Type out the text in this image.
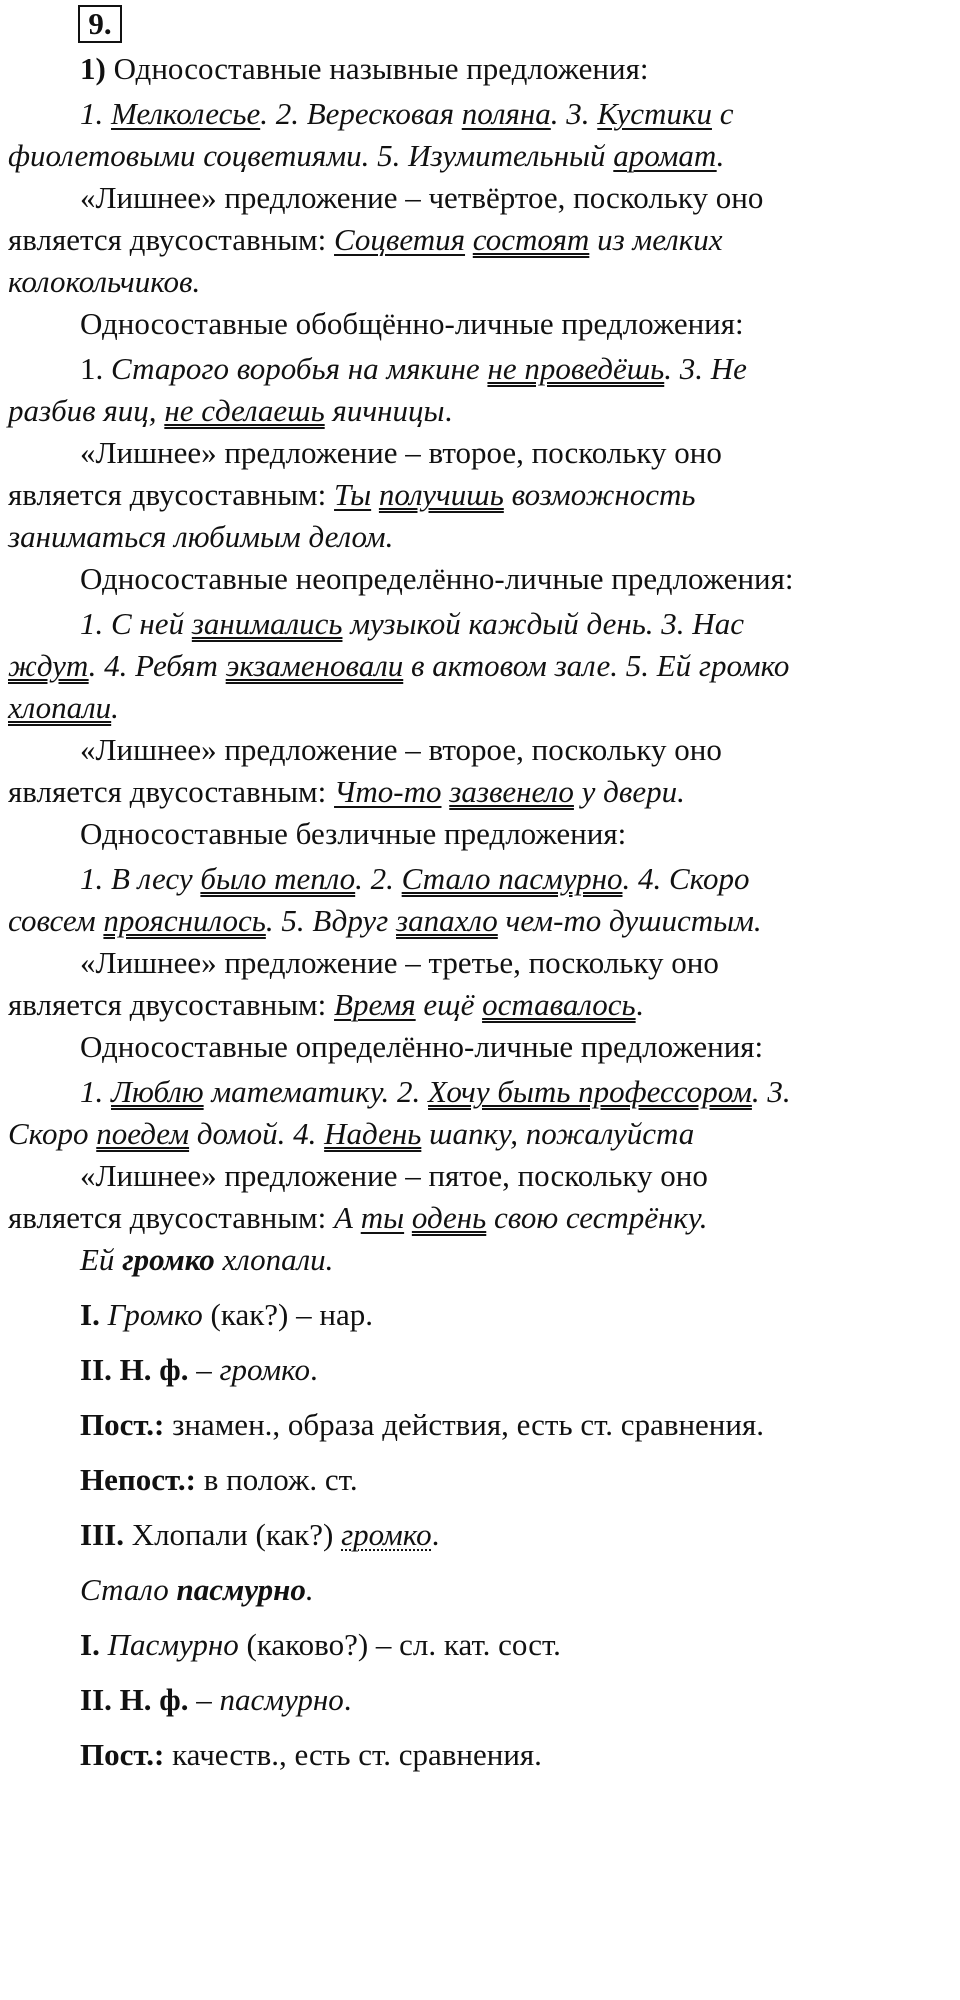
9.
1) Односоставные назывные предложения:
1. Мелколесье. 2. Вересковая поляна. 3. Кустики с
фиолетовыми соцветиями. 5. Изумительный аромат.
«Лишнее» предложение – четвёртое, поскольку оно
является двусоставным: Соцветия состоят из мелких
колокольчиков.
Односоставные обобщённо-личные предложения:
1. Старого воробья на мякине не проведёшь. 3. Не
разбив яиц, не сделаешь яичницы.
«Лишнее» предложение – второе, поскольку оно
является двусоставным: Ты получишь возможность
заниматься любимым делом.
Односоставные неопределённо-личные предложения:
1. С ней занимались музыкой каждый день. 3. Нас
ждут. 4. Ребят экзаменовали в актовом зале. 5. Ей громко
хлопали.
«Лишнее» предложение – второе, поскольку оно
является двусоставным: Что-то зазвенело у двери.
Односоставные безличные предложения:
1. В лесу было тепло. 2. Стало пасмурно. 4. Скоро
совсем прояснилось. 5. Вдруг запахло чем-то душистым.
«Лишнее» предложение – третье, поскольку оно
является двусоставным: Время ещё оставалось.
Односоставные определённо-личные предложения:
1. Люблю математику. 2. Хочу быть профессором. 3.
Скоро поедем домой. 4. Надень шапку, пожалуйста
«Лишнее» предложение – пятое, поскольку оно
является двусоставным: А ты одень свою сестрёнку.
Ей громко хлопали.
I. Громко (как?) – нар.
II. Н. ф. – громко.
Пост.: знамен., образа действия, есть ст. сравнения.
Непост.: в полож. ст.
III. Хлопали (как?) громко.
Стало пасмурно.
I. Пасмурно (каково?) – сл. кат. сост.
II. Н. ф. – пасмурно.
Пост.: качеств., есть ст. сравнения.
